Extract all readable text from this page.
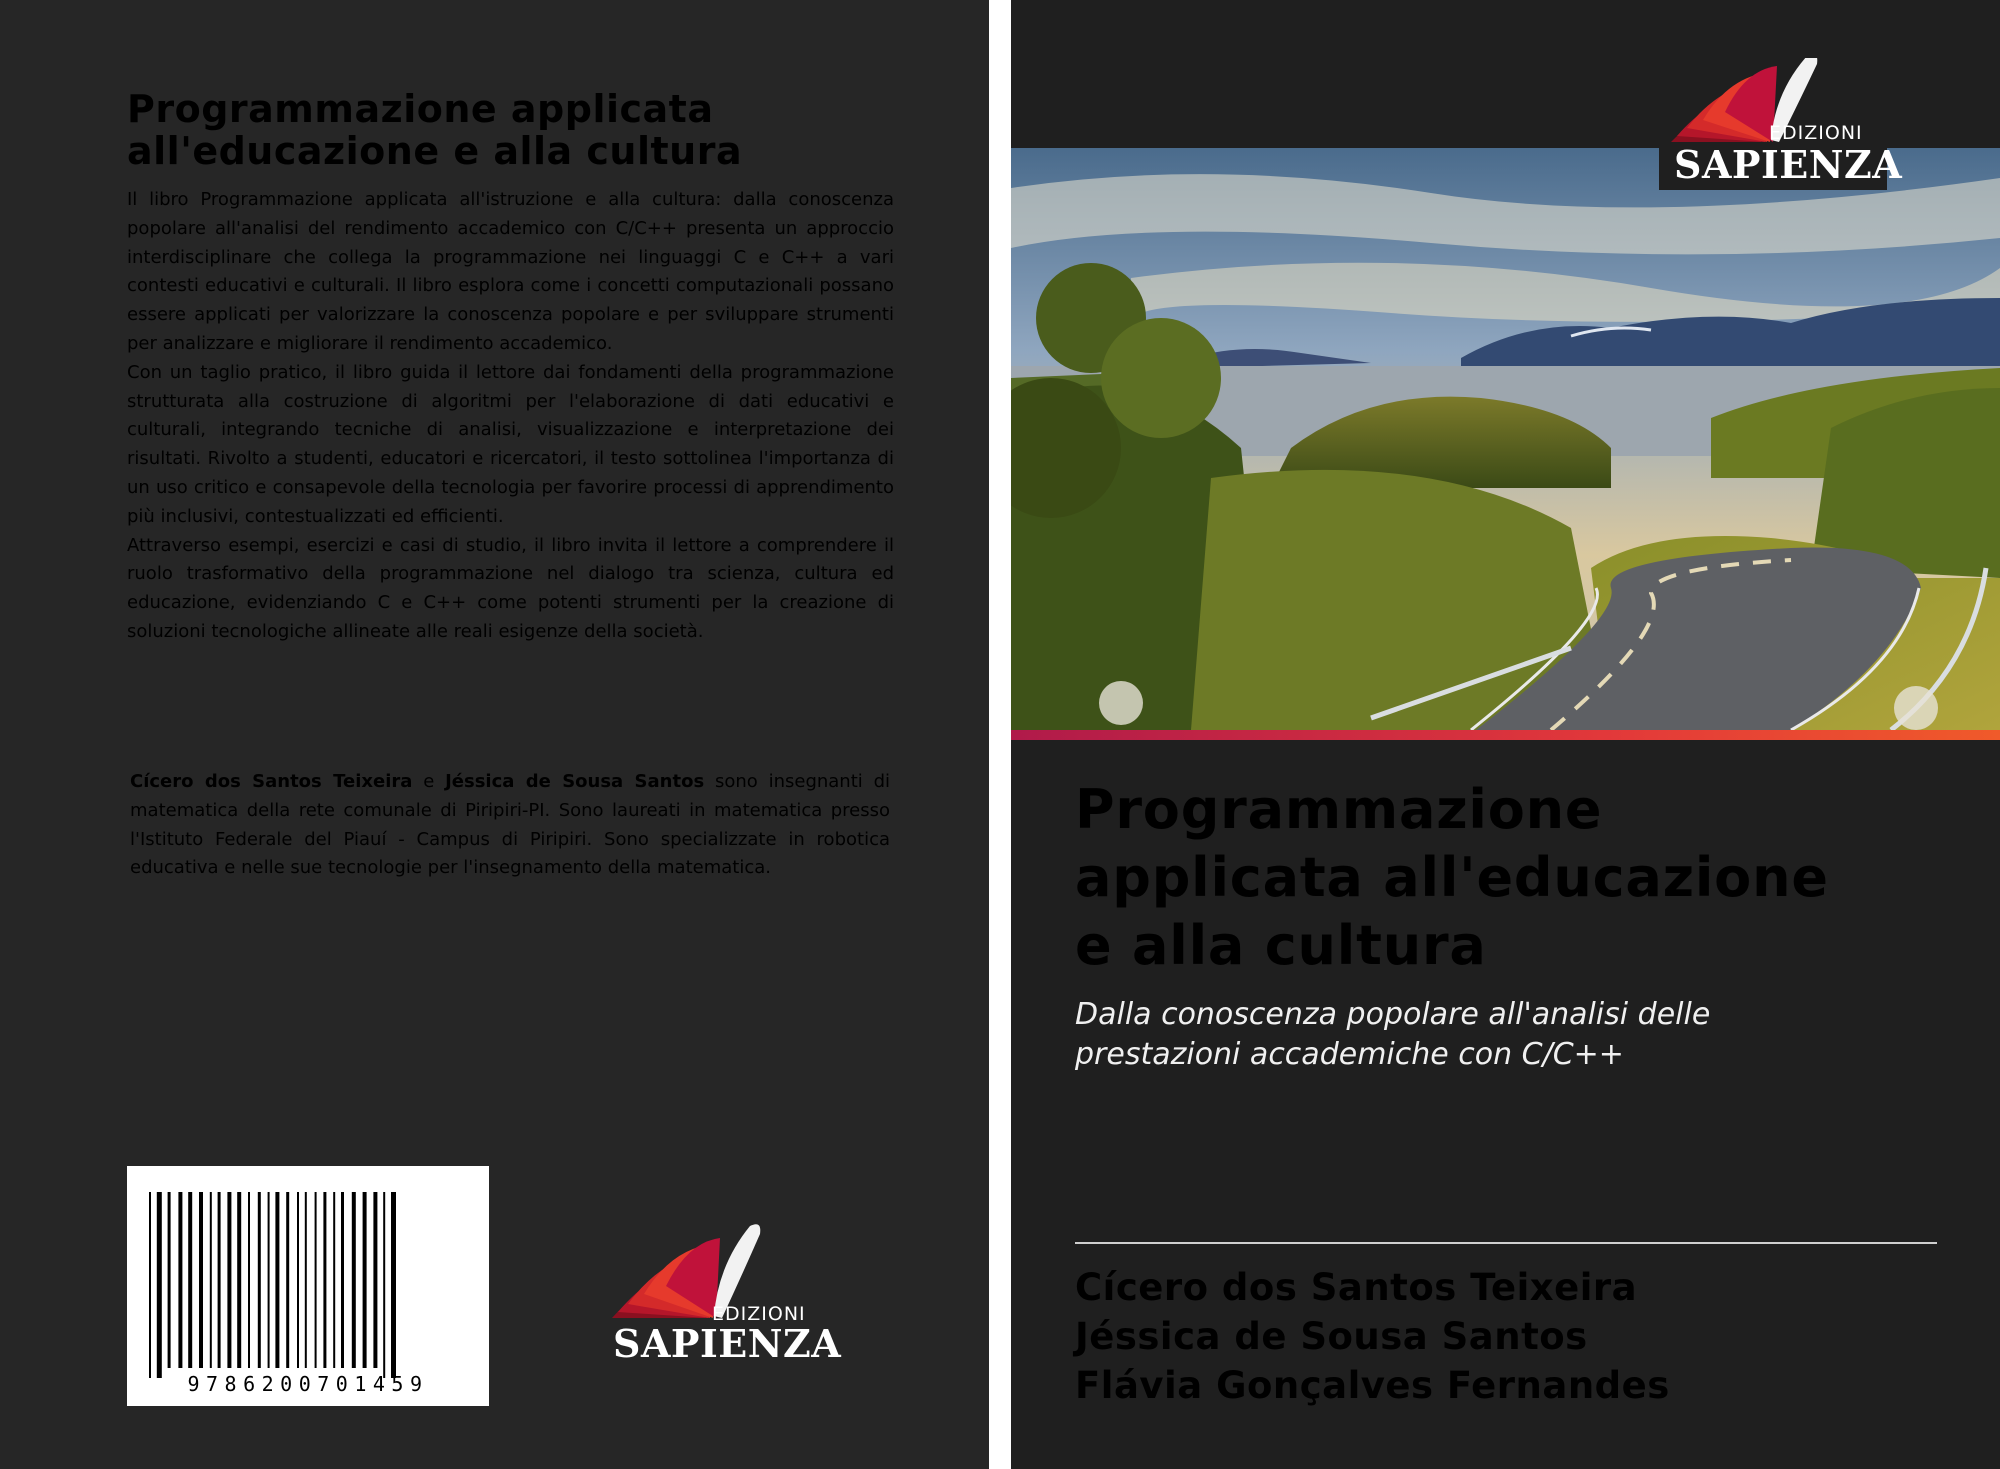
Programmazione applicata
all'educazione e alla cultura

Il libro Programmazione applicata all'istruzione e alla cultura: dalla conoscenza popolare all'analisi del rendimento accademico con C/C++ presenta un approccio interdisciplinare che collega la programmazione nei linguaggi C e C++ a vari contesti educativi e culturali. Il libro esplora come i concetti computazionali possano essere applicati per valorizzare la conoscenza popolare e per sviluppare strumenti per analizzare e migliorare il rendimento accademico.

Con un taglio pratico, il libro guida il lettore dai fondamenti della programmazione strutturata alla costruzione di algoritmi per l'elaborazione di dati educativi e culturali, integrando tecniche di analisi, visualizzazione e interpretazione dei risultati. Rivolto a studenti, educatori e ricercatori, il testo sottolinea l'importanza di un uso critico e consapevole della tecnologia per favorire processi di apprendimento più inclusivi, contestualizzati ed efficienti.

Attraverso esempi, esercizi e casi di studio, il libro invita il lettore a comprendere il ruolo trasformativo della programmazione nel dialogo tra scienza, cultura ed educazione, evidenziando C e C++ come potenti strumenti per la creazione di soluzioni tecnologiche allineate alle reali esigenze della società.

Cícero dos Santos Teixeira e Jéssica de Sousa Santos sono insegnanti di matematica della rete comunale di Piripiri-PI. Sono laureati in matematica presso l'Istituto Federale del Piauí - Campus di Piripiri. Sono specializzate in robotica educativa e nelle sue tecnologie per l'insegnamento della matematica.

9786200701459
EDIZIONI
SAPIENZA
EDIZIONI
SAPIENZA
Programmazione
applicata all'educazione
e alla cultura

Dalla conoscenza popolare all'analisi delle
prestazioni accademiche con C/C++

Cícero dos Santos Teixeira
Jéssica de Sousa Santos
Flávia Gonçalves Fernandes
